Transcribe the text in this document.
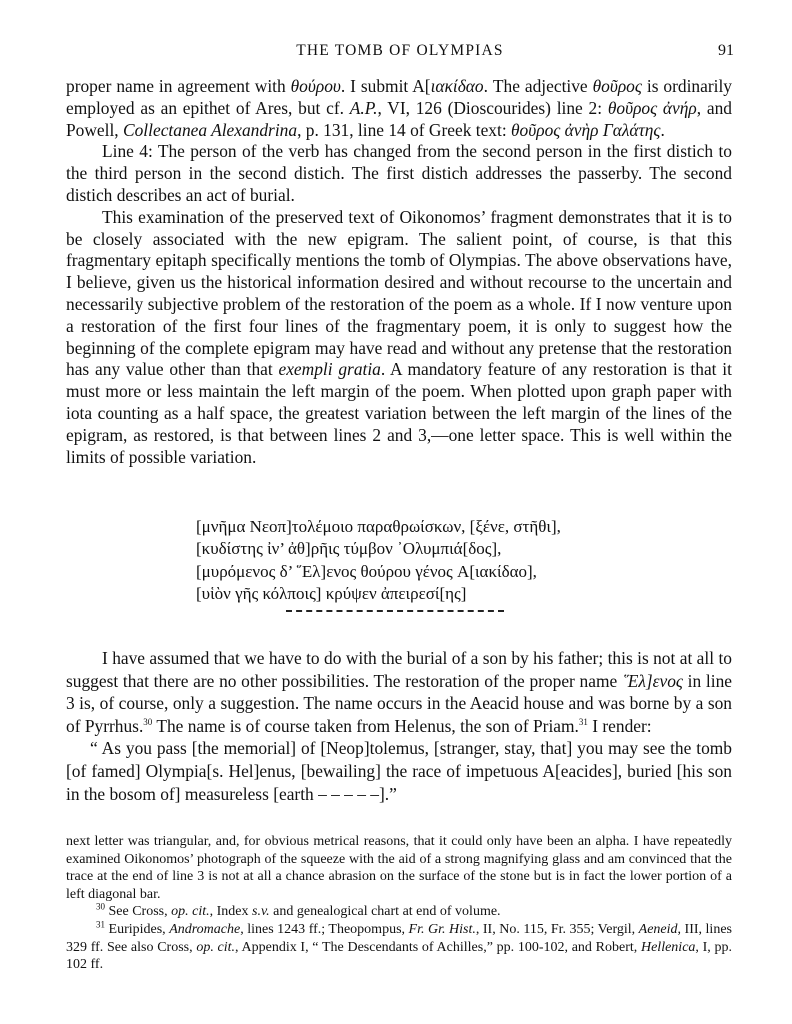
THE TOMB OF OLYMPIAS	91

proper name in agreement with θούρου. I submit A[ιακίδαο. The adjective θοῦρος is ordinarily employed as an epithet of Ares, but cf. A.P., VI, 126 (Dioscourides) line 2: θοῦρος ἀνήρ, and Powell, Collectanea Alexandrina, p. 131, line 14 of Greek text: θοῦρος ἀνὴρ Γαλάτης.

Line 4: The person of the verb has changed from the second person in the first distich to the third person in the second distich. The first distich addresses the passerby. The second distich describes an act of burial.

This examination of the preserved text of Oikonomos’ fragment demonstrates that it is to be closely associated with the new epigram. The salient point, of course, is that this fragmentary epitaph specifically mentions the tomb of Olympias. The above observations have, I believe, given us the historical information desired and without recourse to the uncertain and necessarily subjective problem of the restoration of the poem as a whole. If I now venture upon a restoration of the first four lines of the fragmentary poem, it is only to suggest how the beginning of the complete epigram may have read and without any pretense that the restoration has any value other than that exempli gratia. A mandatory feature of any restoration is that it must more or less maintain the left margin of the poem. When plotted upon graph paper with iota counting as a half space, the greatest variation between the left margin of the lines of the epigram, as restored, is that between lines 2 and 3,—one letter space. This is well within the limits of possible variation.

[μνῆμα Νεοπ]τολέμοιο παραθρωίσκων, [ξένε, στῆθι],
[κυδίστης ἰν’ ἀθ]ρῆις τύμβον ᾿Ολυμπιά[δος],
[μυρόμενος δ’ ῞Ελ]ενος θούρου γένος A[ιακίδαο],
[υἱὸν γῆς κόλποις] κρύψεν ἀπειρεσί[ης]

I have assumed that we have to do with the burial of a son by his father; this is not at all to suggest that there are no other possibilities. The restoration of the proper name ῞Ελ]ενος in line 3 is, of course, only a suggestion. The name occurs in the Aeacid house and was borne by a son of Pyrrhus.$^{30}$ The name is of course taken from Helenus, the son of Priam.$^{31}$ I render:

“ As you pass [the memorial] of [Neop]tolemus, [stranger, stay, that] you may see the tomb [of famed] Olympia[s. Hel]enus, [bewailing] the race of impetuous A[eacides], buried [his son in the bosom of] measureless [earth – – – – –].”

next letter was triangular, and, for obvious metrical reasons, that it could only have been an alpha. I have repeatedly examined Oikonomos’ photograph of the squeeze with the aid of a strong magnifying glass and am convinced that the trace at the end of line 3 is not at all a chance abrasion on the surface of the stone but is in fact the lower portion of a left diagonal bar.

$^{30}$ See Cross, op. cit., Index s.v. and genealogical chart at end of volume.

$^{31}$ Euripides, Andromache, lines 1243 ff.; Theopompus, Fr. Gr. Hist., II, No. 115, Fr. 355; Vergil, Aeneid, III, lines 329 ff. See also Cross, op. cit., Appendix I, “ The Descendants of Achilles,” pp. 100-102, and Robert, Hellenica, I, pp. 102 ff.
